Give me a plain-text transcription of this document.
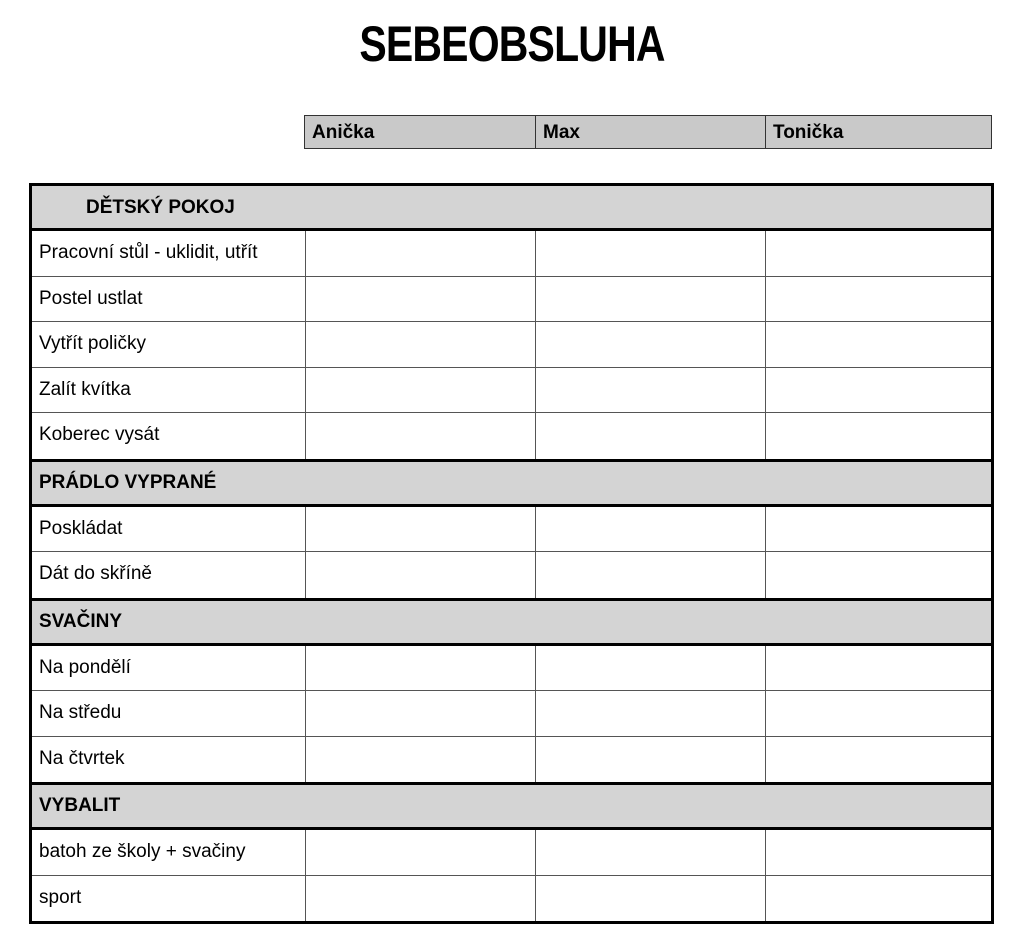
SEBEOBSLUHA
Anička	Max	Tonička
DĚTSKÝ POKOJ
Pracovní stůl - uklidit, utřít
Postel ustlat
Vytřít poličky
Zalít kvítka
Koberec vysát
PRÁDLO VYPRANÉ
Poskládat
Dát do skříně
SVAČINY
Na pondělí
Na středu
Na čtvrtek
VYBALIT
batoh ze školy + svačiny
sport
